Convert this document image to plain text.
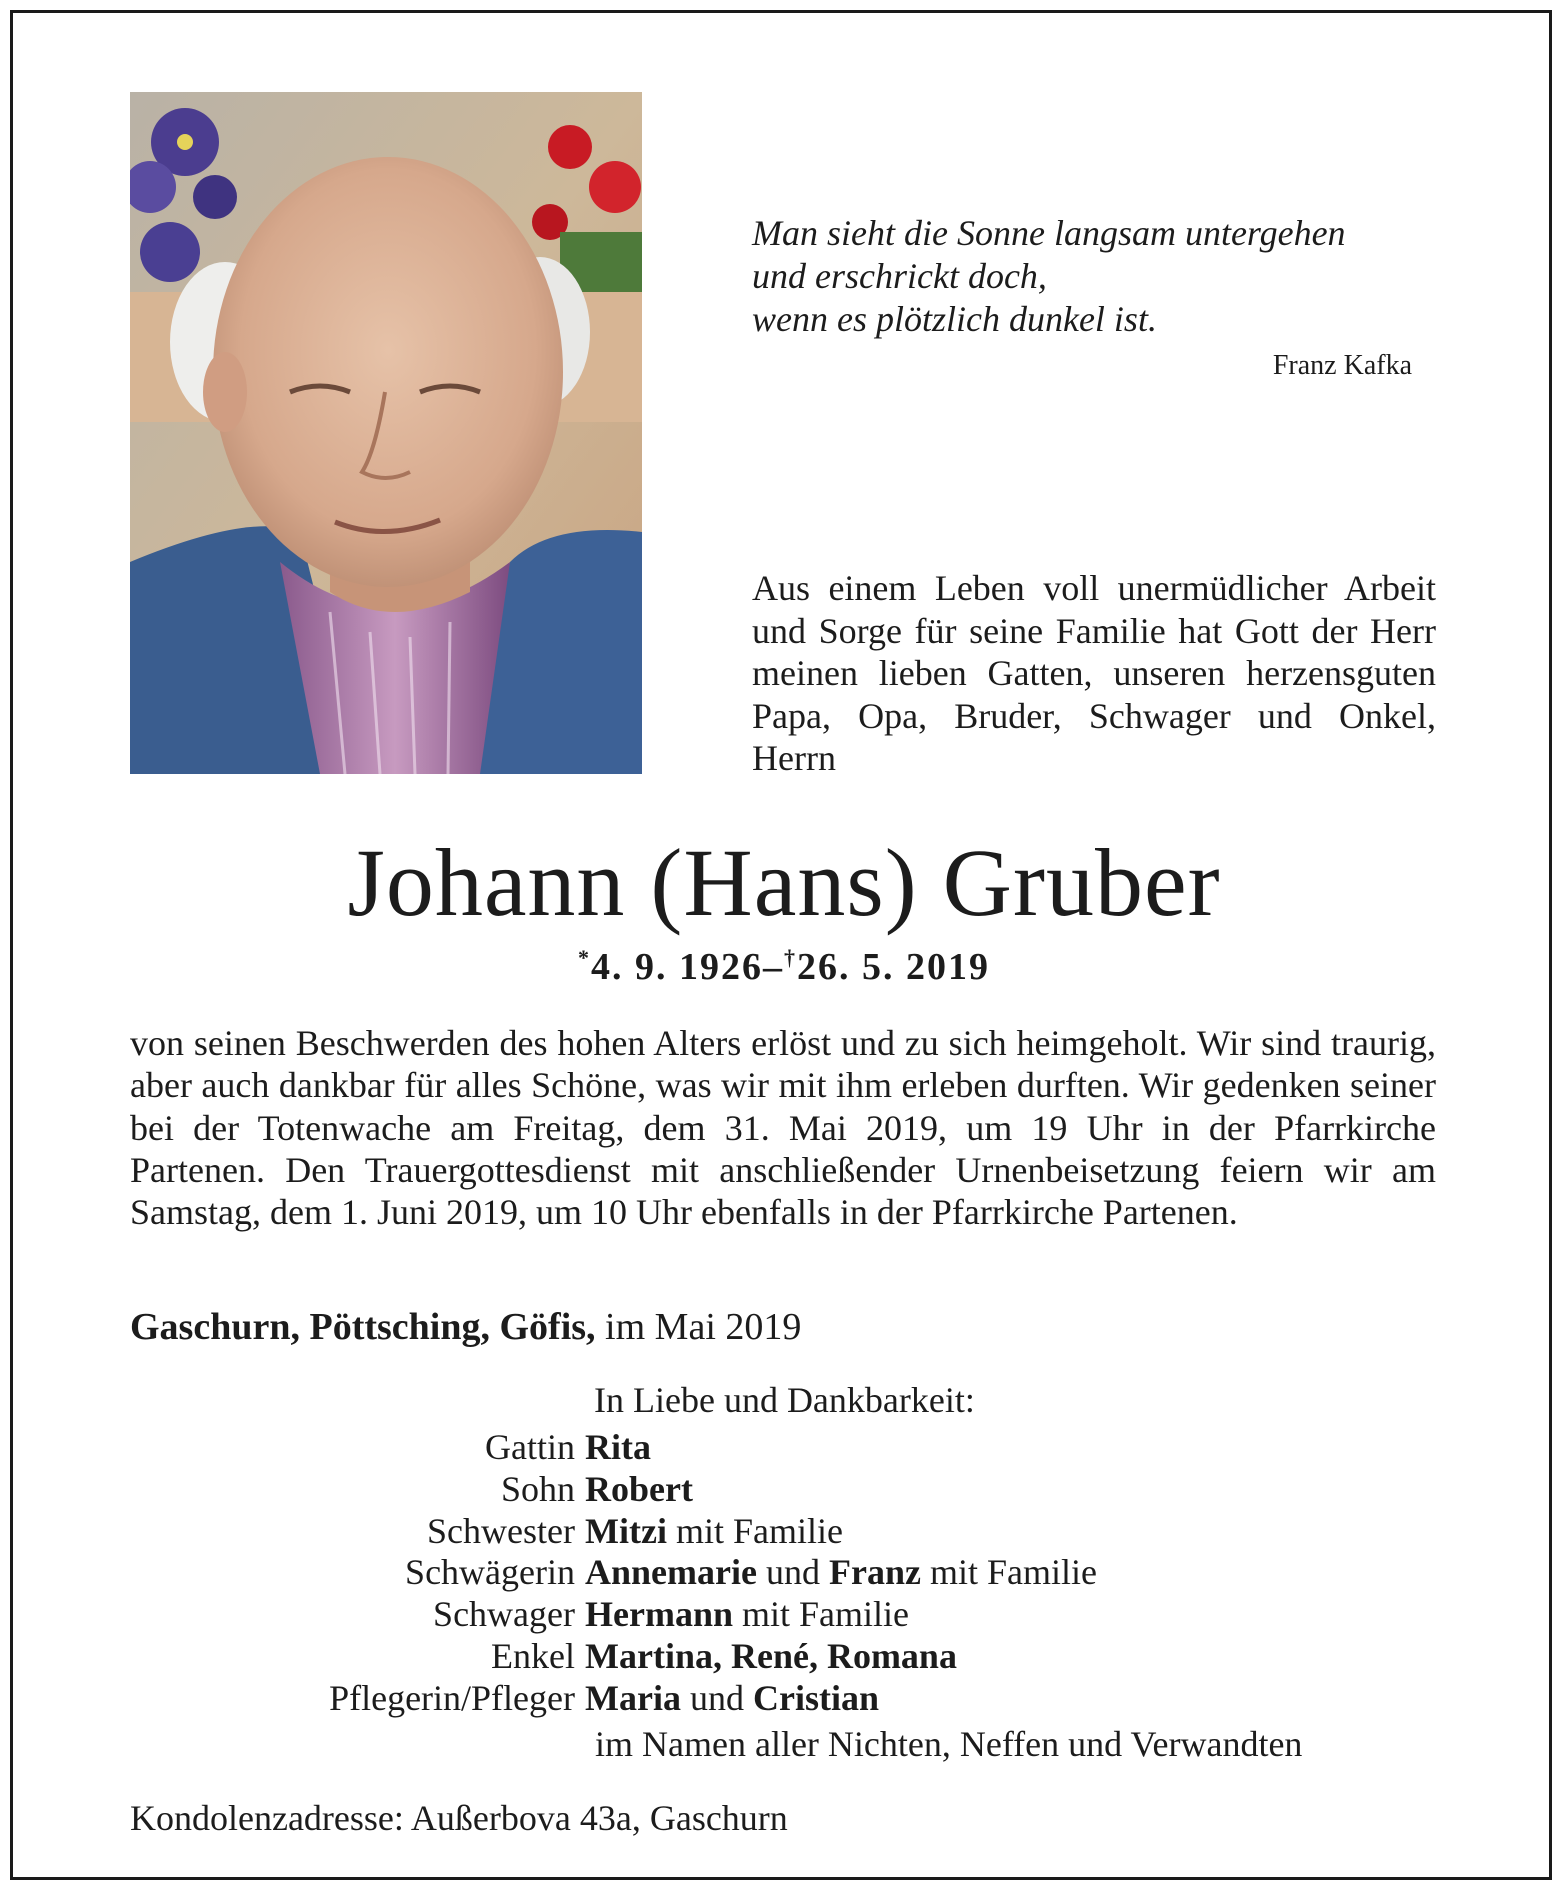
Man sieht die Sonne langsam untergehen
und erschrickt doch,
wenn es plötzlich dunkel ist.
Franz Kafka
Aus einem Leben voll unermüdlicher Arbeit und Sorge für seine Familie hat Gott der Herr meinen lieben Gatten, unseren herzensguten Papa, Opa, Bruder, Schwager und Onkel, Herrn
Johann (Hans) Gruber
*4. 9. 1926–†26. 5. 2019
von seinen Beschwerden des hohen Alters erlöst und zu sich heimgeholt. Wir sind traurig, aber auch dankbar für alles Schöne, was wir mit ihm erleben durften. Wir gedenken seiner bei der Totenwache am Freitag, dem 31. Mai 2019, um 19 Uhr in der Pfarrkirche Partenen. Den Trauergottesdienst mit anschließender Urnenbeisetzung feiern wir am Samstag, dem 1. Juni 2019, um 10 Uhr ebenfalls in der Pfarrkirche Partenen.
Gaschurn, Pöttsching, Göfis, im Mai 2019
In Liebe und Dankbarkeit:
Gattin Rita
Sohn Robert
Schwester Mitzi mit Familie
Schwägerin Annemarie und Franz mit Familie
Schwager Hermann mit Familie
Enkel Martina, René, Romana
Pflegerin/Pfleger Maria und Cristian
im Namen aller Nichten, Neffen und Verwandten
Kondolenzadresse: Außerbova 43a, Gaschurn
